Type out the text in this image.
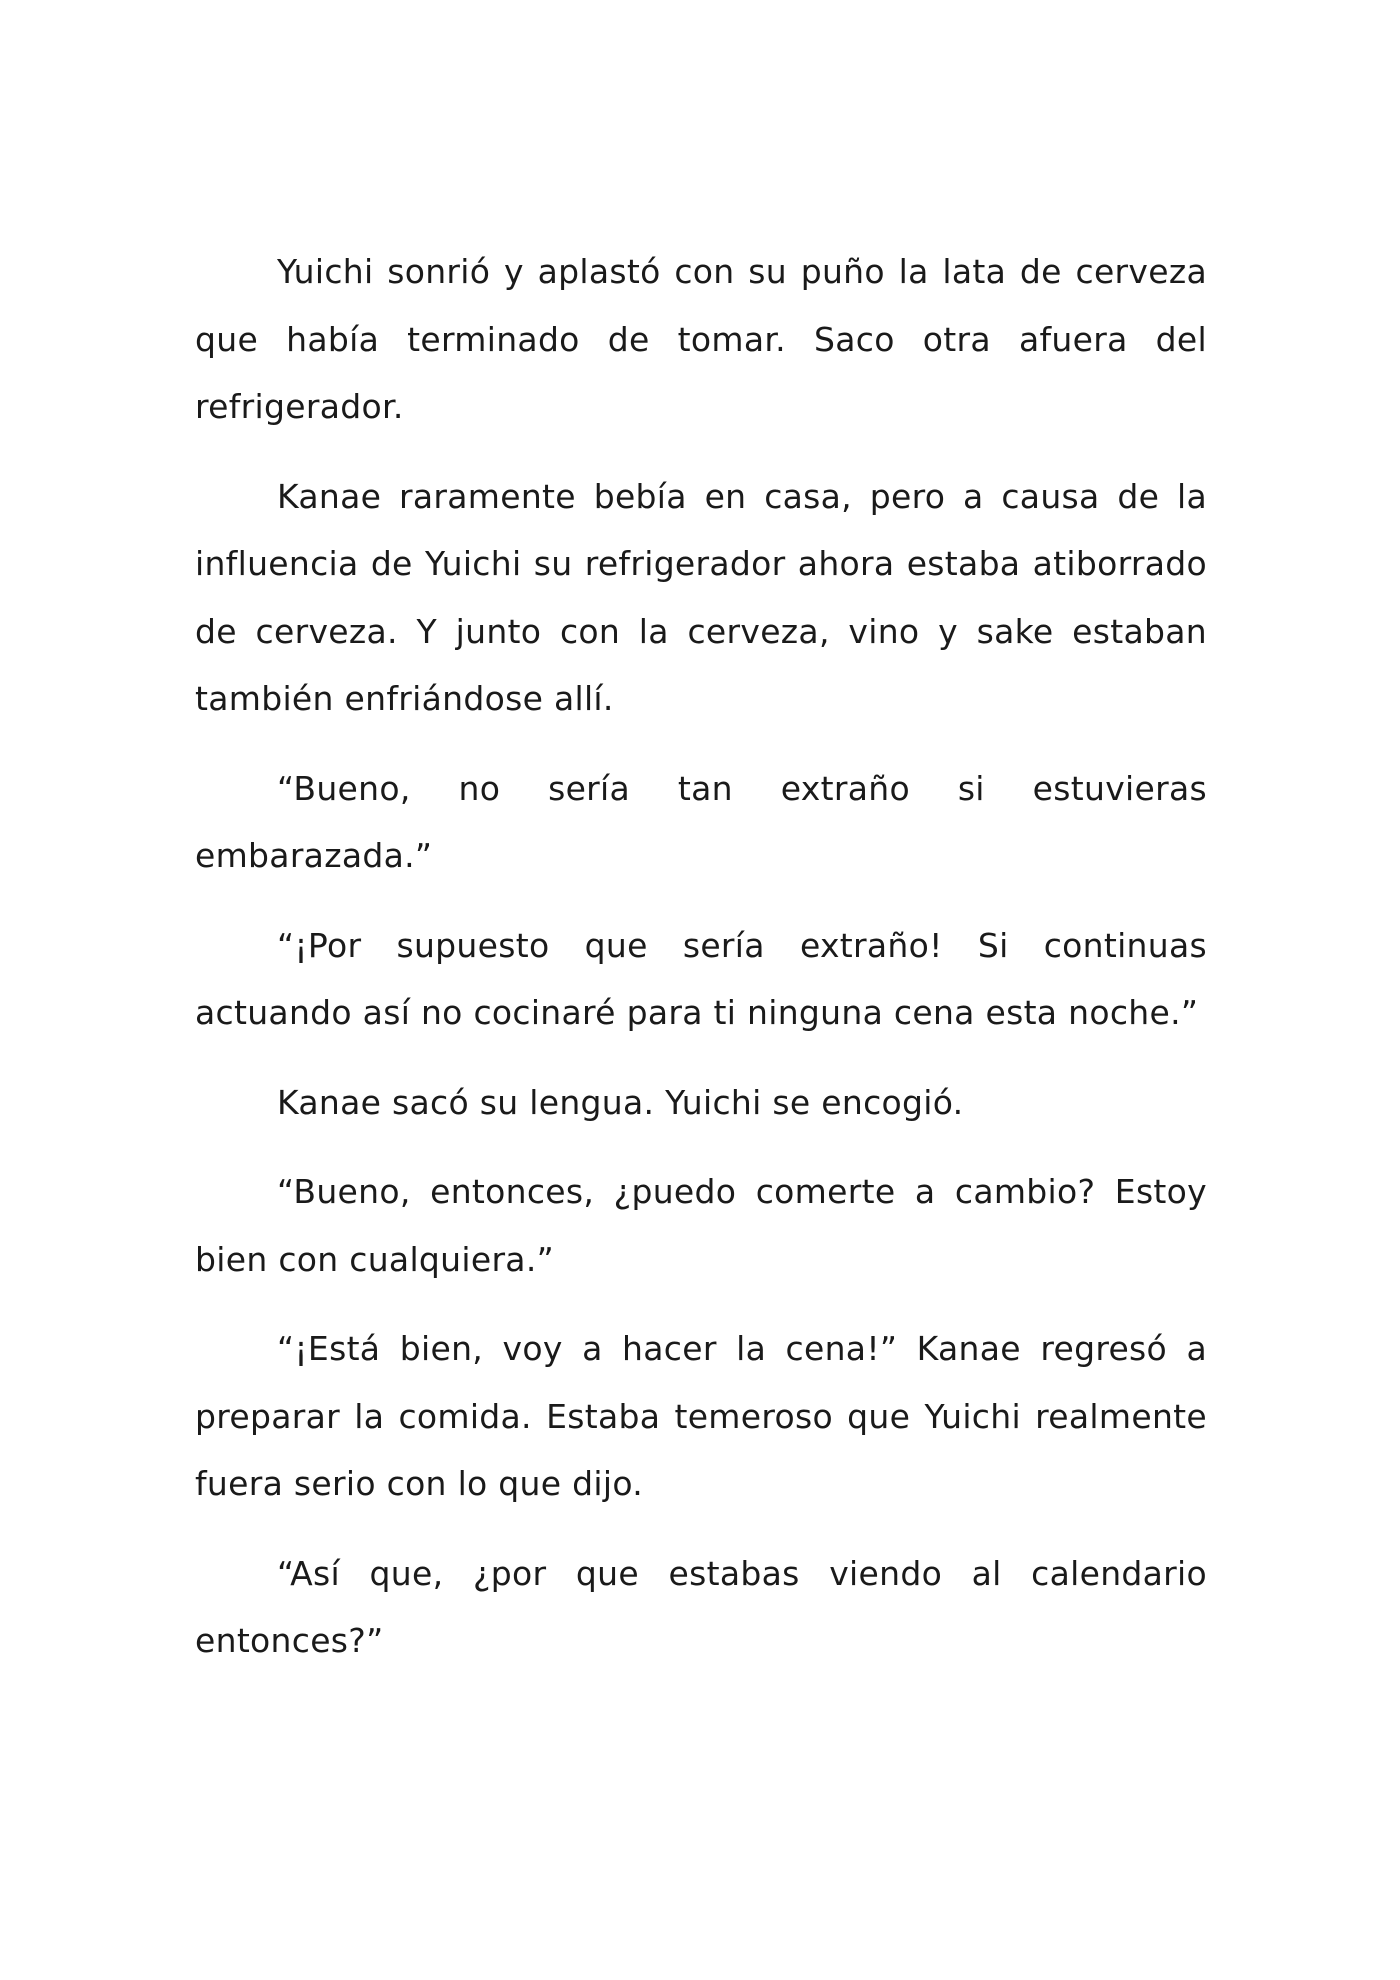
Yuichi sonrió y aplastó con su puño la lata de cerveza que había terminado de tomar. Saco otra afuera del refrigerador.

Kanae raramente bebía en casa, pero a causa de la influencia de Yuichi su refrigerador ahora estaba atiborrado de cerveza. Y junto con la cerveza, vino y sake estaban también enfriándose allí.

“Bueno, no sería tan extraño si estuvieras embarazada.”

“¡Por supuesto que sería extraño! Si continuas actuando así no cocinaré para ti ninguna cena esta noche.”

Kanae sacó su lengua. Yuichi se encogió.

“Bueno, entonces, ¿puedo comerte a cambio? Estoy bien con cualquiera.”

“¡Está bien, voy a hacer la cena!” Kanae regresó a preparar la comida. Estaba temeroso que Yuichi realmente fuera serio con lo que dijo.

“Así que, ¿por que estabas viendo al calendario entonces?”
